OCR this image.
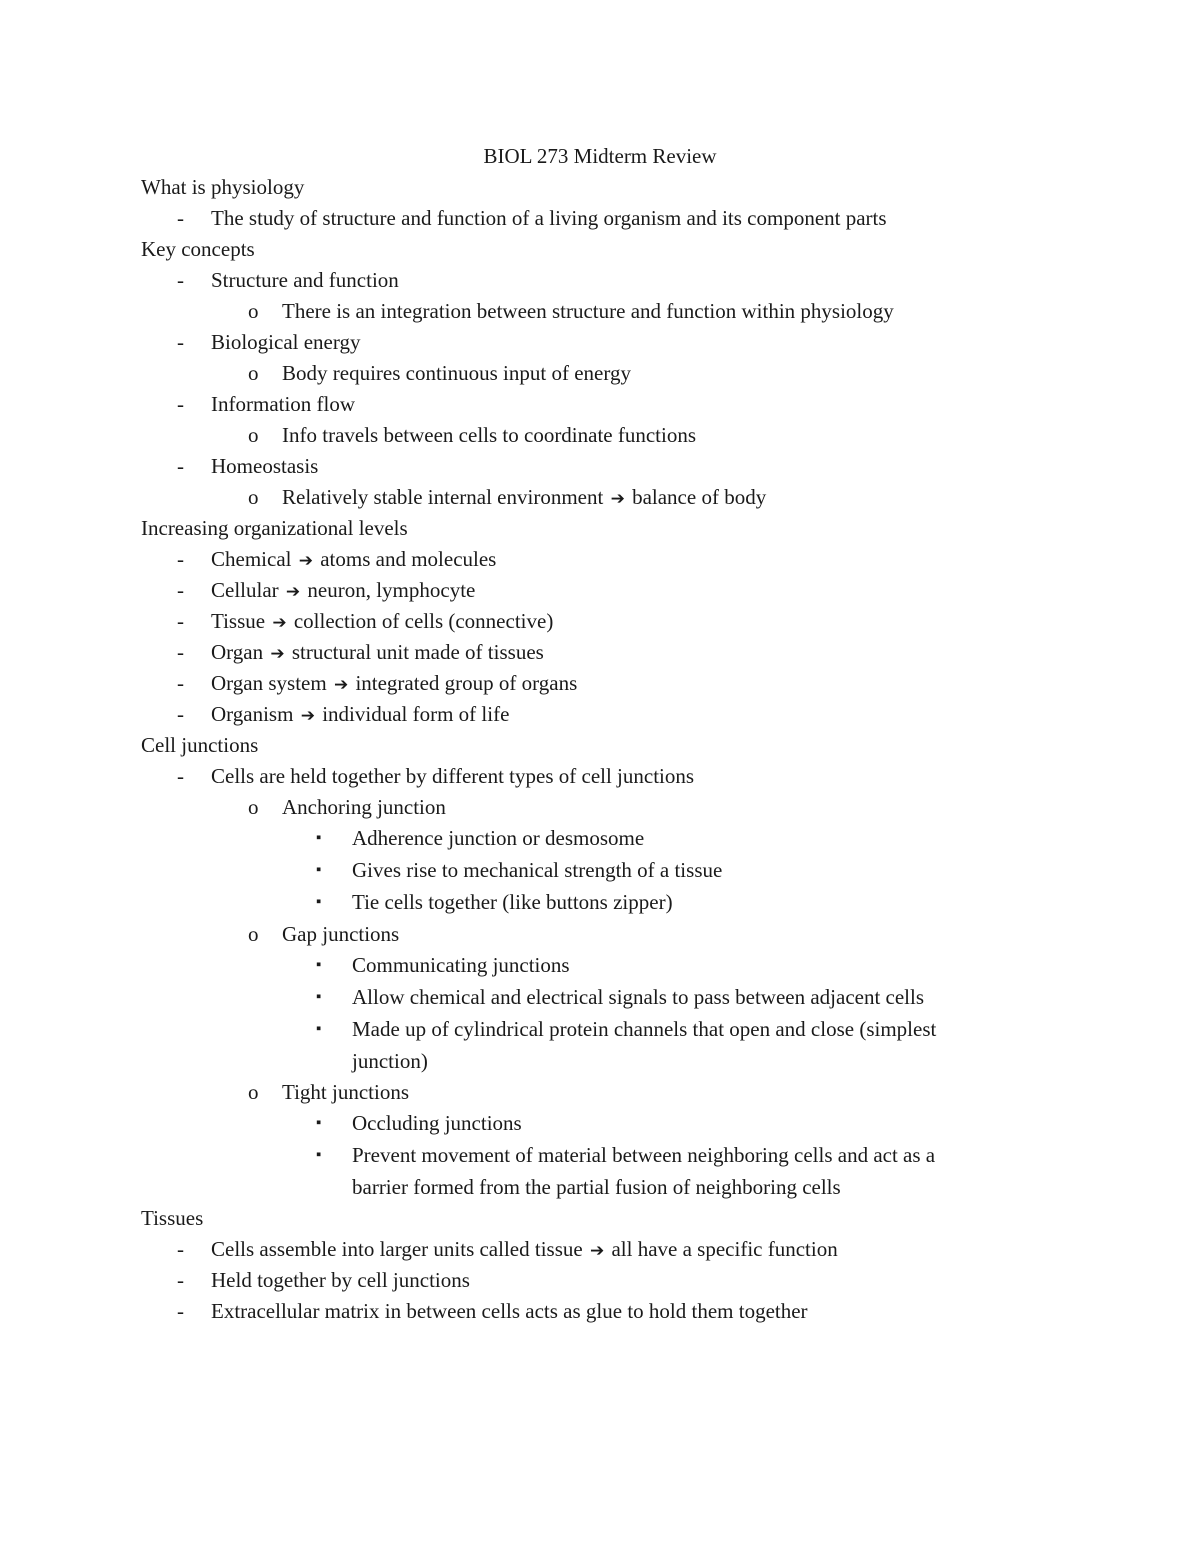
BIOL 273 Midterm Review
What is physiology
- The study of structure and function of a living organism and its component parts
Key concepts
- Structure and function
o There is an integration between structure and function within physiology
- Biological energy
o Body requires continuous input of energy
- Information flow
o Info travels between cells to coordinate functions
- Homeostasis
o Relatively stable internal environment ➔ balance of body
Increasing organizational levels
- Chemical ➔ atoms and molecules
- Cellular ➔ neuron, lymphocyte
- Tissue ➔ collection of cells (connective)
- Organ ➔ structural unit made of tissues
- Organ system ➔ integrated group of organs
- Organism ➔ individual form of life
Cell junctions
- Cells are held together by different types of cell junctions
o Anchoring junction
▪ Adherence junction or desmosome
▪ Gives rise to mechanical strength of a tissue
▪ Tie cells together (like buttons zipper)
o Gap junctions
▪ Communicating junctions
▪ Allow chemical and electrical signals to pass between adjacent cells
▪ Made up of cylindrical protein channels that open and close (simplest
junction)
o Tight junctions
▪ Occluding junctions
▪ Prevent movement of material between neighboring cells and act as a
barrier formed from the partial fusion of neighboring cells
Tissues
- Cells assemble into larger units called tissue ➔ all have a specific function
- Held together by cell junctions
- Extracellular matrix in between cells acts as glue to hold them together
